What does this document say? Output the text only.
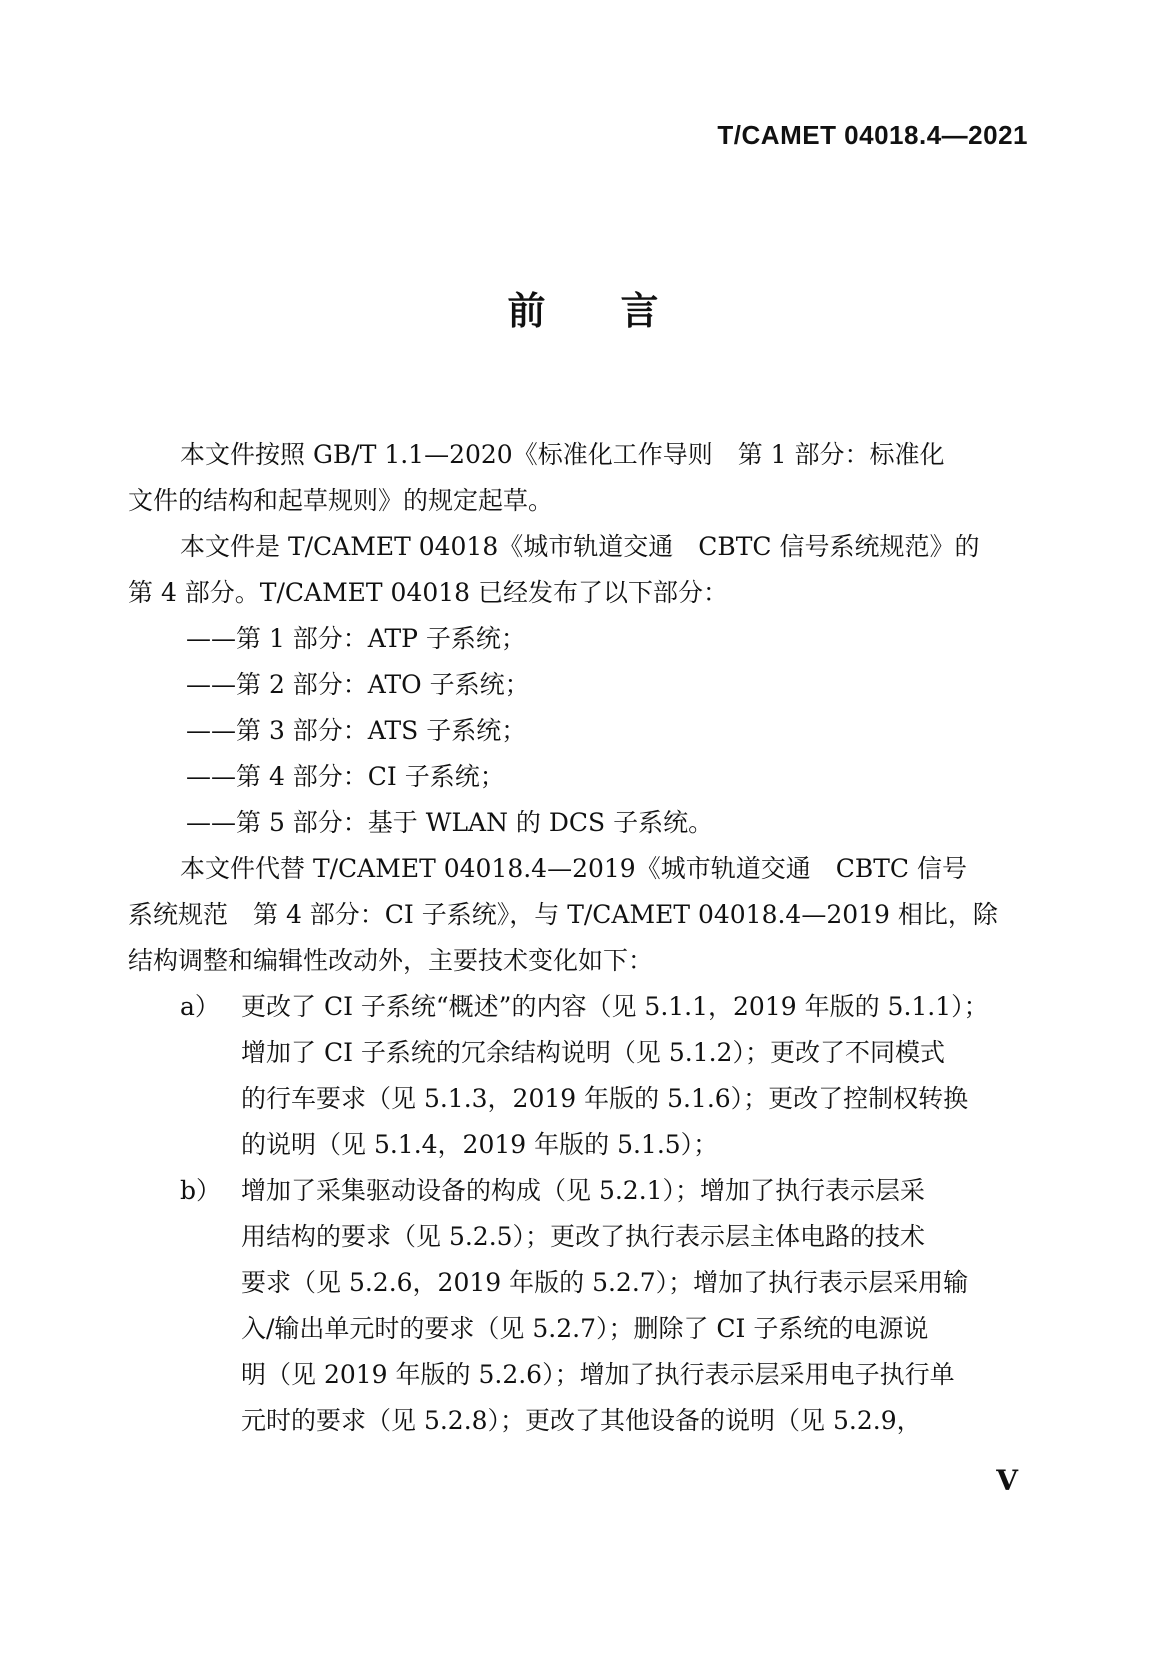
T/CAMET 04018.4—2021
前 言
本文件按照 GB/T 1.1—2020《标准化工作导则　第 1 部分：标准化
文件的结构和起草规则》的规定起草。
本文件是 T/CAMET 04018《城市轨道交通　CBTC 信号系统规范》的
第 4 部分。T/CAMET 04018 已经发布了以下部分：
——第 1 部分：ATP 子系统；
——第 2 部分：ATO 子系统；
——第 3 部分：ATS 子系统；
——第 4 部分：CI 子系统；
——第 5 部分：基于 WLAN 的 DCS 子系统。
本文件代替 T/CAMET 04018.4—2019《城市轨道交通　CBTC 信号
系统规范　第 4 部分：CI 子系统》，与 T/CAMET 04018.4—2019 相比，除
结构调整和编辑性改动外，主要技术变化如下：
a） 更改了 CI 子系统“概述”的内容（见 5.1.1，2019 年版的 5.1.1）；
增加了 CI 子系统的冗余结构说明（见 5.1.2）；更改了不同模式
的行车要求（见 5.1.3，2019 年版的 5.1.6）；更改了控制权转换
的说明（见 5.1.4，2019 年版的 5.1.5）；
b） 增加了采集驱动设备的构成（见 5.2.1）；增加了执行表示层采
用结构的要求（见 5.2.5）；更改了执行表示层主体电路的技术
要求（见 5.2.6，2019 年版的 5.2.7）；增加了执行表示层采用输
入/输出单元时的要求（见 5.2.7）；删除了 CI 子系统的电源说
明（见 2019 年版的 5.2.6）；增加了执行表示层采用电子执行单
元时的要求（见 5.2.8）；更改了其他设备的说明（见 5.2.9，
V
